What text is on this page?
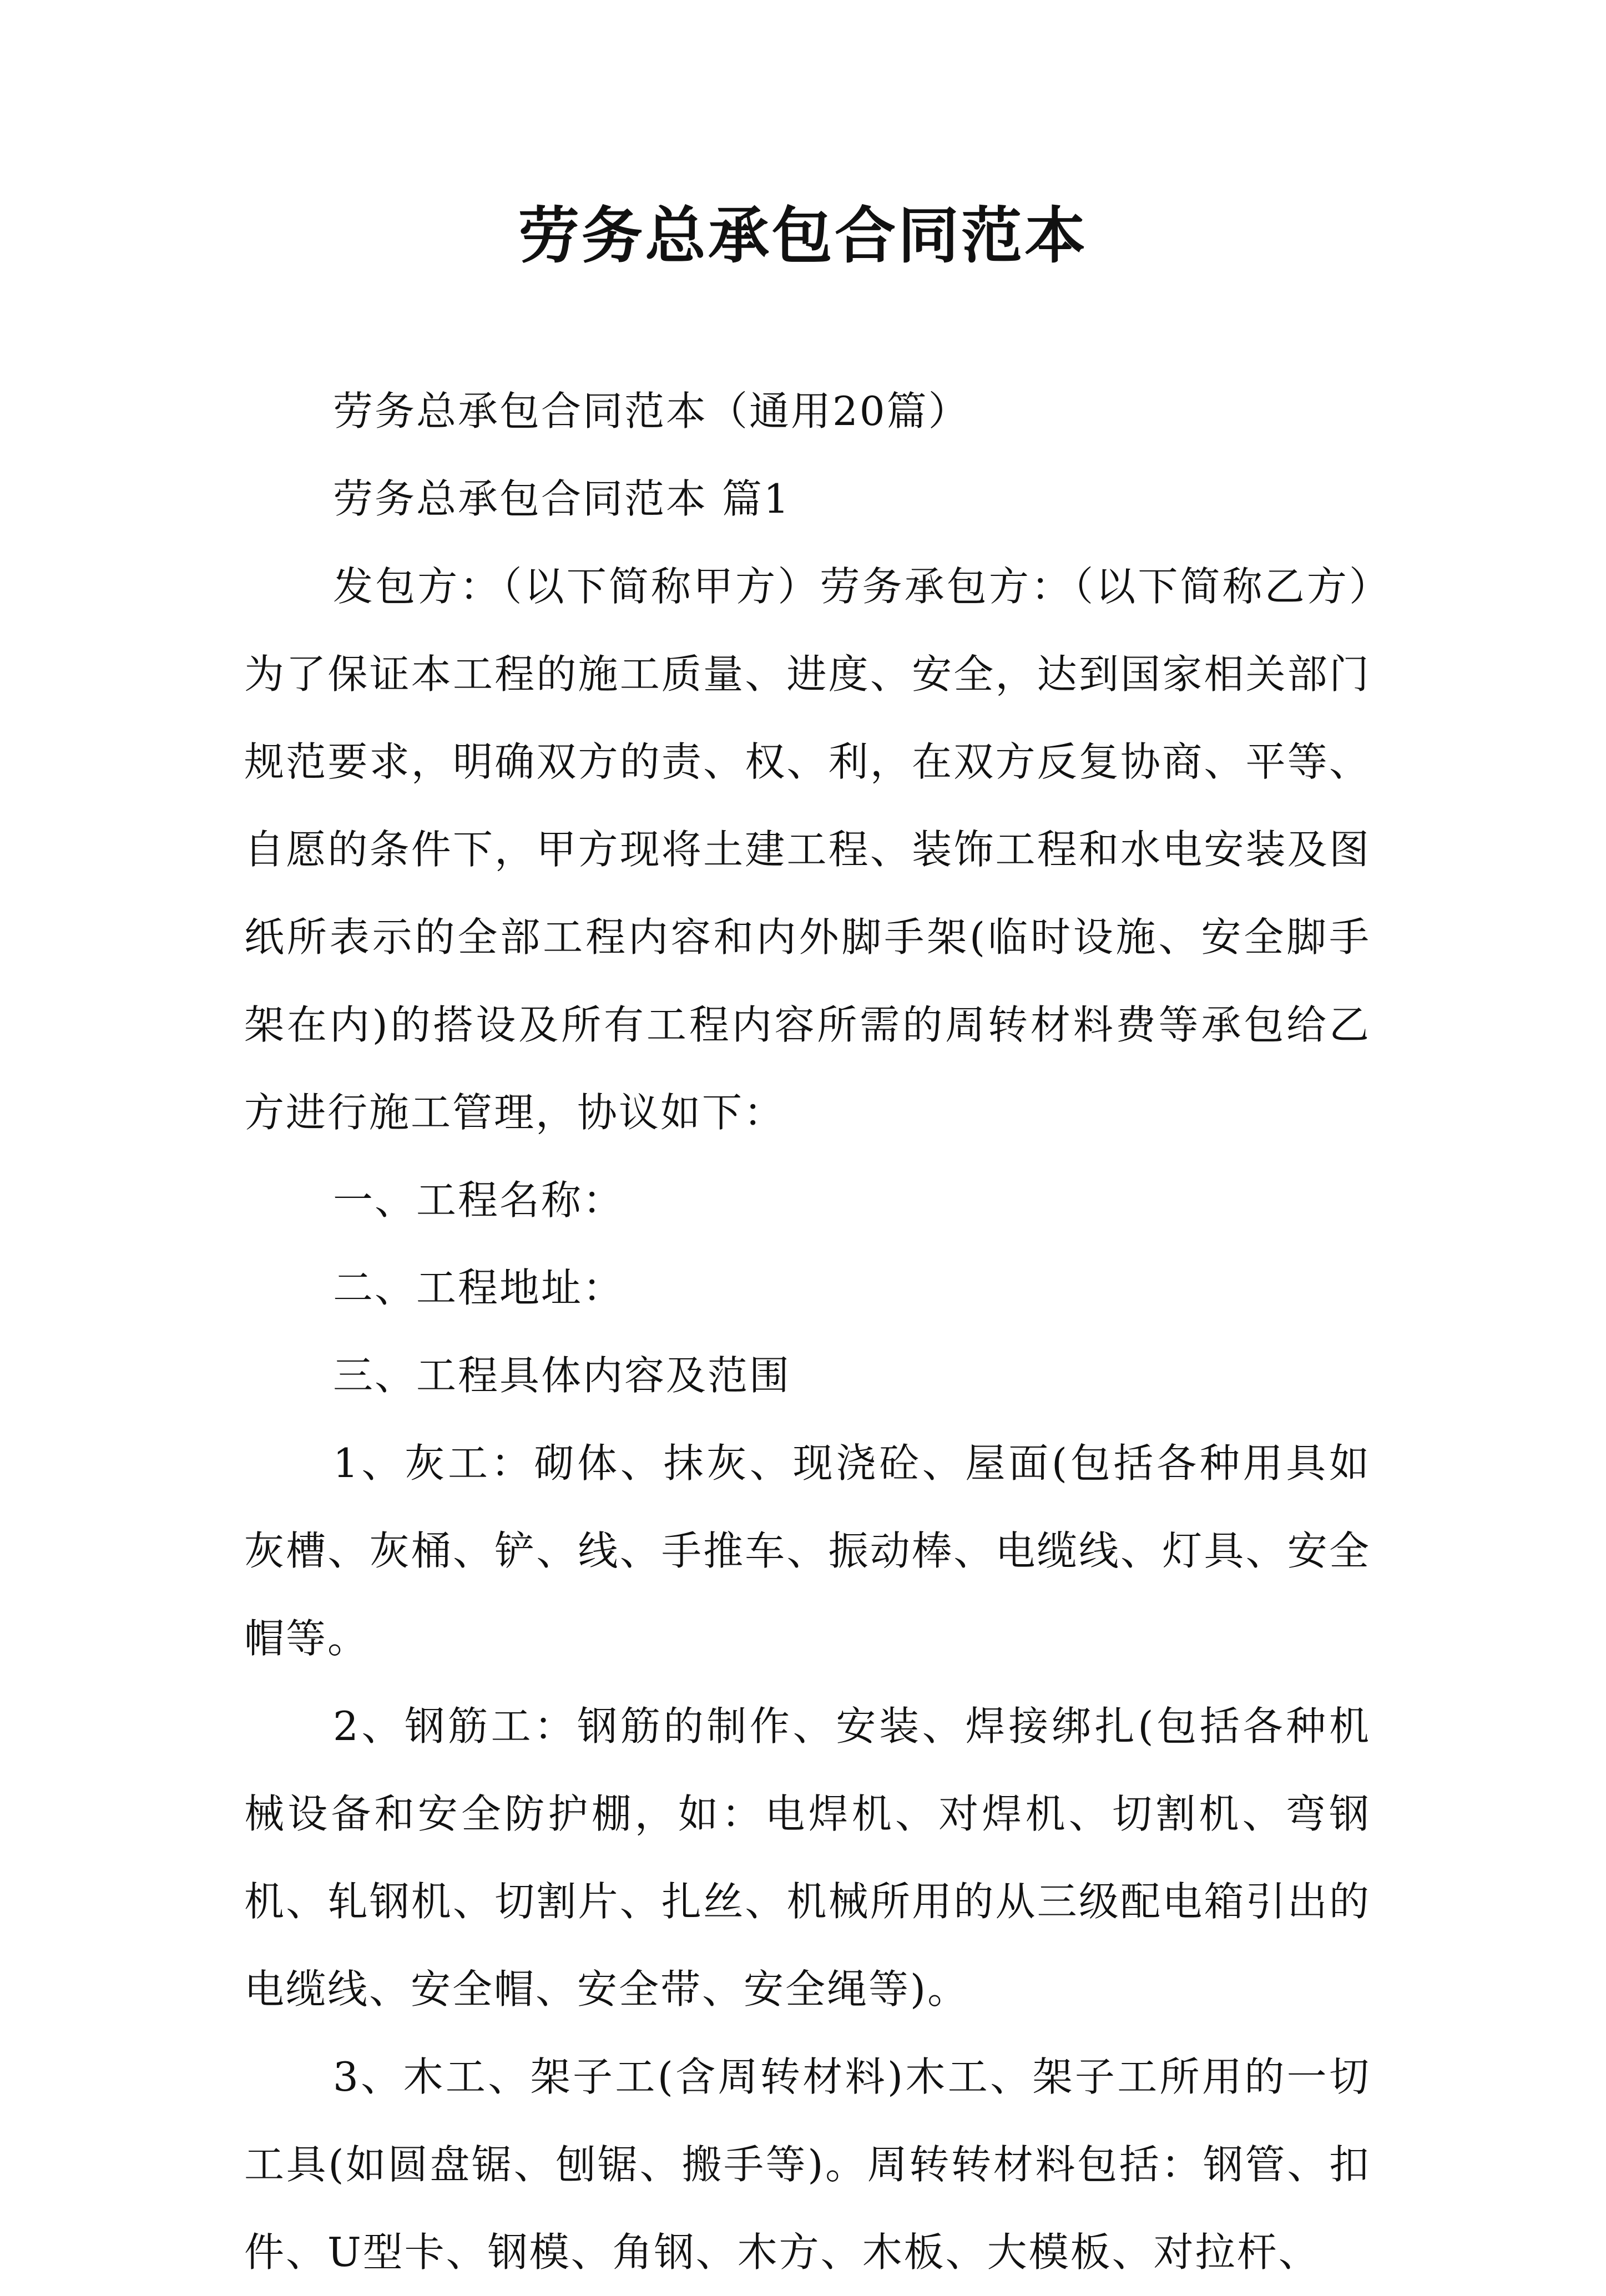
劳务总承包合同范本

劳务总承包合同范本（通用20篇）

劳务总承包合同范本 篇1

发包方：（以下简称甲方）劳务承包方：（以下简称乙方）为了保证本工程的施工质量、进度、安全，达到国家相关部门规范要求，明确双方的责、权、利，在双方反复协商、平等、自愿的条件下，甲方现将土建工程、装饰工程和水电安装及图纸所表示的全部工程内容和内外脚手架(临时设施、安全脚手架在内)的搭设及所有工程内容所需的周转材料费等承包给乙方进行施工管理，协议如下：

一、工程名称：

二、工程地址：

三、工程具体内容及范围

1、灰工：砌体、抹灰、现浇砼、屋面(包括各种用具如灰槽、灰桶、铲、线、手推车、振动棒、电缆线、灯具、安全帽等。

2、钢筋工：钢筋的制作、安装、焊接绑扎(包括各种机械设备和安全防护棚，如：电焊机、对焊机、切割机、弯钢机、轧钢机、切割片、扎丝、机械所用的从三级配电箱引出的电缆线、安全帽、安全带、安全绳等)。

3、木工、架子工(含周转材料)木工、架子工所用的一切工具(如圆盘锯、刨锯、搬手等)。周转转材料包括：钢管、扣件、U型卡、钢模、角钢、木方、木板、大模板、对拉杆、
